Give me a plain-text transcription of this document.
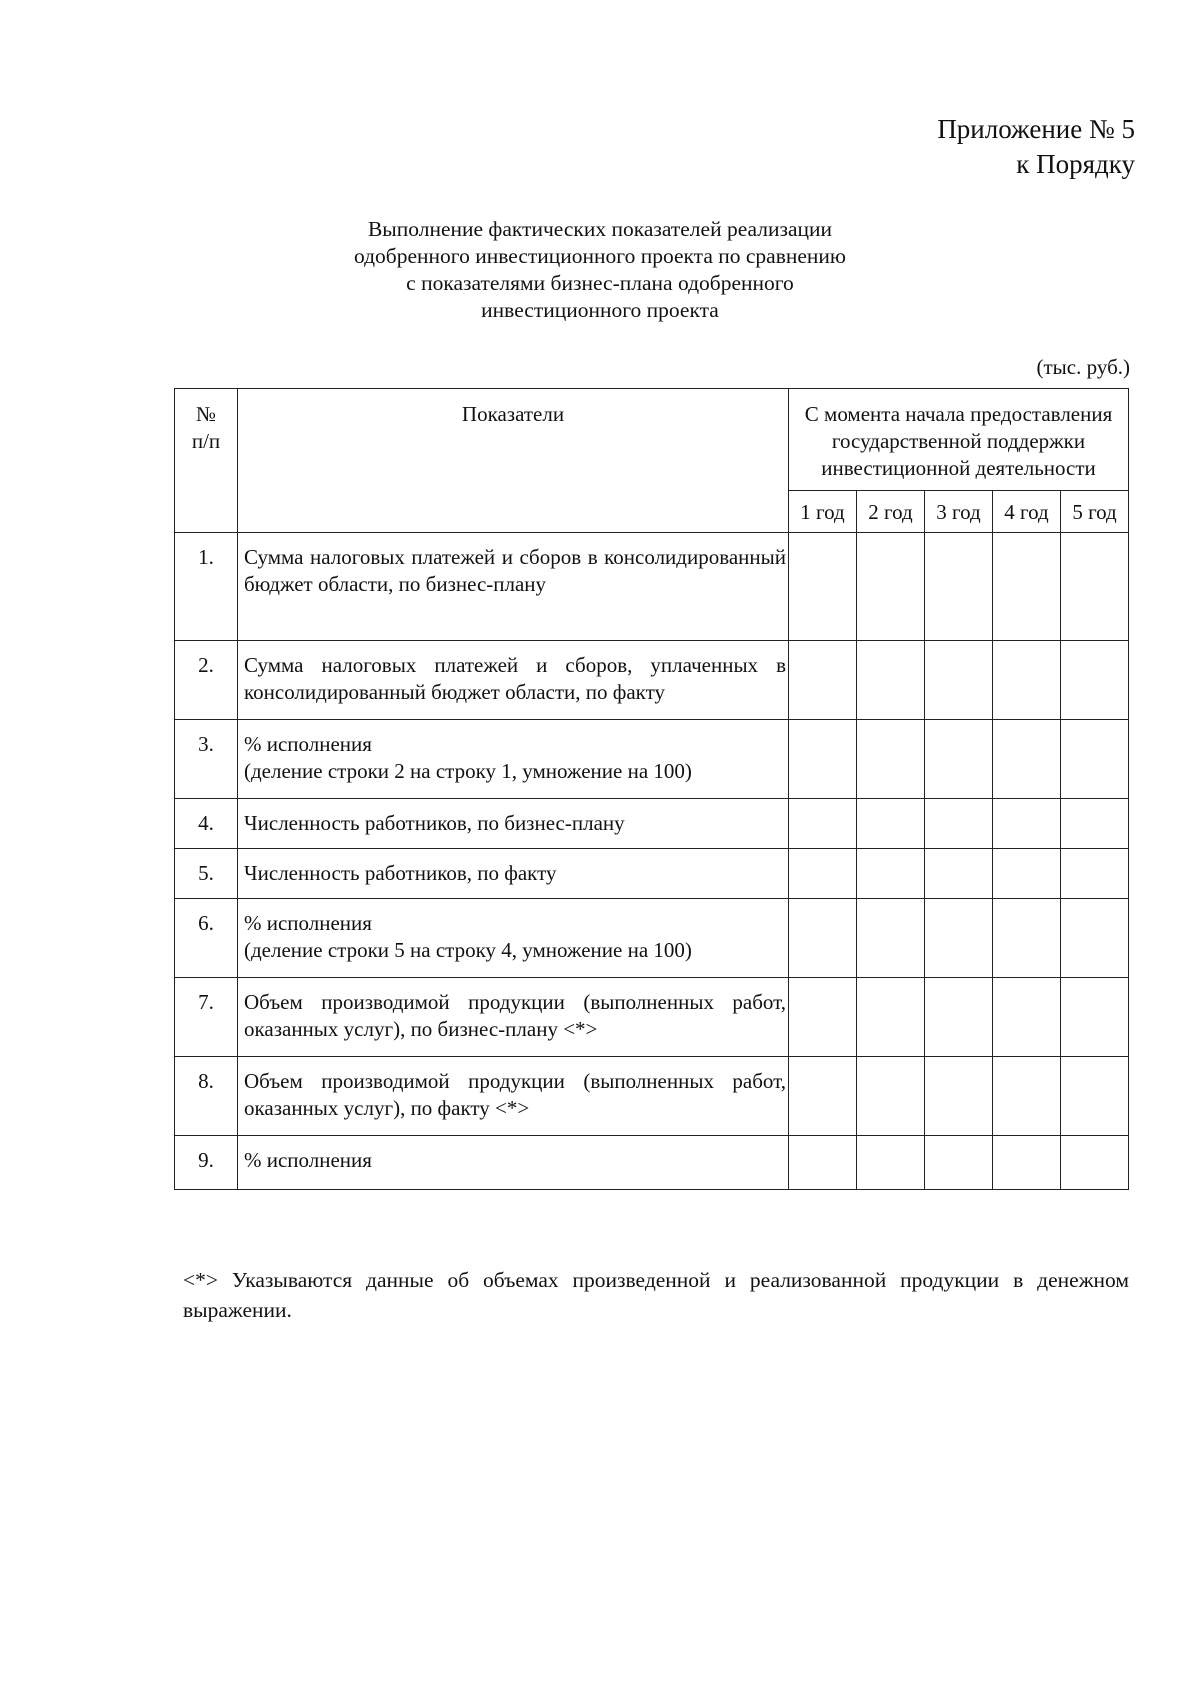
Приложение № 5
к Порядку
Выполнение фактических показателей реализации
одобренного инвестиционного проекта по сравнению
с показателями бизнес-плана одобренного
инвестиционного проекта
(тыс. руб.)
№
п/п	Показатели	С момента начала предоставления государственной поддержки инвестиционной деятельности				
		1 год	2 год	3 год	4 год	5 год
1.	Сумма налоговых платежей и сборов в консолидированный бюджет области, по бизнес-плану					

2.	Сумма налоговых платежей и сборов, уплаченных в консолидированный бюджет области, по факту					

3.	% исполнения
(деление строки 2 на строку 1, умножение на 100)					

4.	Численность работников, по бизнес-плану					

5.	Численность работников, по факту					

6.	% исполнения
(деление строки 5 на строку 4, умножение на 100)					

7.	Объем производимой продукции (выполненных работ, оказанных услуг), по бизнес-плану <*>					

8.	Объем производимой продукции (выполненных работ, оказанных услуг), по факту <*>					

9.	% исполнения					

<*> Указываются данные об объемах произведенной и реализованной продукции в денежном выражении.
